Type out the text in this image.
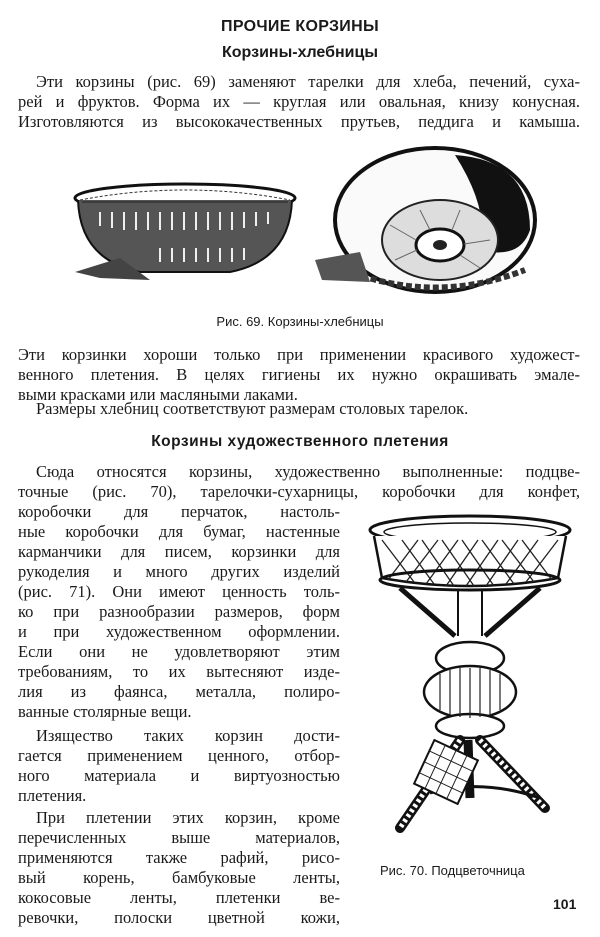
ПРОЧИЕ КОРЗИНЫ
Корзины-хлебницы
Эти корзины (рис. 69) заменяют тарелки для хлеба, печений, суха-
рей и фруктов. Форма их — круглая или овальная, книзу конусная.
Изготовляются из высококачественных прутьев, педдига и камыша.
Рис. 69. Корзины-хлебницы
Эти корзинки хороши только при применении красивого художест-
венного плетения. В целях гигиены их нужно окрашивать эмале-
выми красками или масляными лаками.
Размеры хлебниц соответствуют размерам столовых тарелок.
Корзины художественного плетения
Сюда относятся корзины, художественно выполненные: подцве-
точные (рис. 70), тарелочки-сухарницы, коробочки для конфет,
коробочки для перчаток, настоль-
ные коробочки для бумаг, настенные
карманчики для писем, корзинки для
рукоделия и много других изделий
(рис. 71). Они имеют ценность толь-
ко при разнообразии размеров, форм
и при художественном оформлении.
Если они не удовлетворяют этим
требованиям, то их вытесняют изде-
лия из фаянса, металла, полиро-
ванные столярные вещи.
Изящество таких корзин дости-
гается применением ценного, отбор-
ного материала и виртуозностью
плетения.
При плетении этих корзин, кроме
перечисленных выше материалов,
применяются также рафий, рисо-
вый корень, бамбуковые ленты,
кокосовые ленты, плетенки ве-
ревочки, полоски цветной кожи,
Рис. 70. Подцветочница
101
